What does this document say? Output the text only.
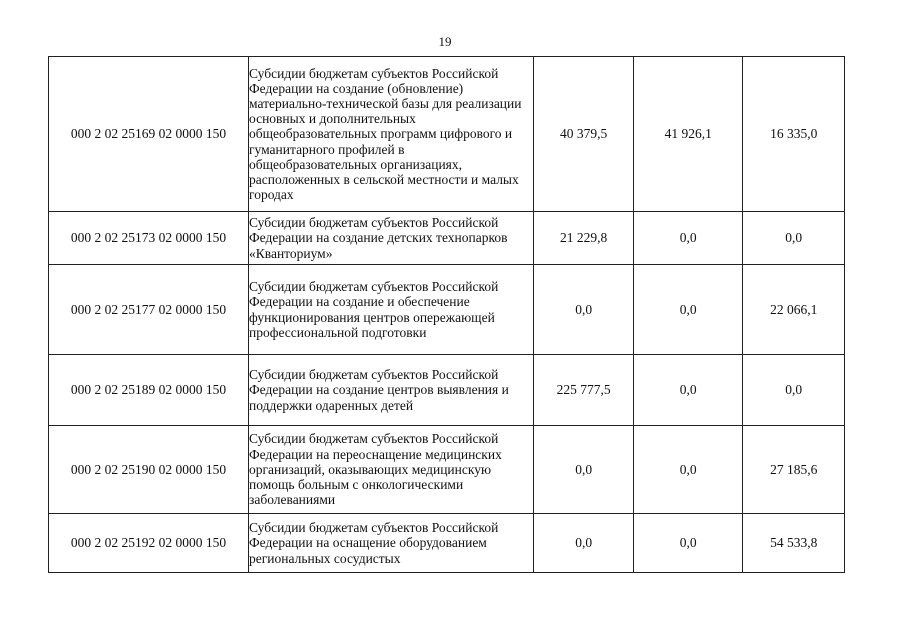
19
000 2 02 25169 02 0000 150	Субсидии бюджетам субъектов Российской Федерации на создание (обновление) материально-технической базы для реализации основных и дополнительных общеобразовательных программ цифрового и гуманитарного профилей в общеобразовательных организациях, расположенных в сельской местности и малых городах	40 379,5	41 926,1	16 335,0
000 2 02 25173 02 0000 150	Субсидии бюджетам субъектов Российской Федерации на создание детских технопарков «Кванториум»	21 229,8	0,0	0,0
000 2 02 25177 02 0000 150	Субсидии бюджетам субъектов Российской Федерации на создание и обеспечение функционирования центров опережающей профессиональной подготовки	0,0	0,0	22 066,1
000 2 02 25189 02 0000 150	Субсидии бюджетам субъектов Российской Федерации на создание центров выявления и поддержки одаренных детей	225 777,5	0,0	0,0
000 2 02 25190 02 0000 150	Субсидии бюджетам субъектов Российской Федерации на переоснащение медицинских организаций, оказывающих медицинскую помощь больным с онкологическими заболеваниями	0,0	0,0	27 185,6
000 2 02 25192 02 0000 150	Субсидии бюджетам субъектов Российской Федерации на оснащение оборудованием региональных сосудистых	0,0	0,0	54 533,8
